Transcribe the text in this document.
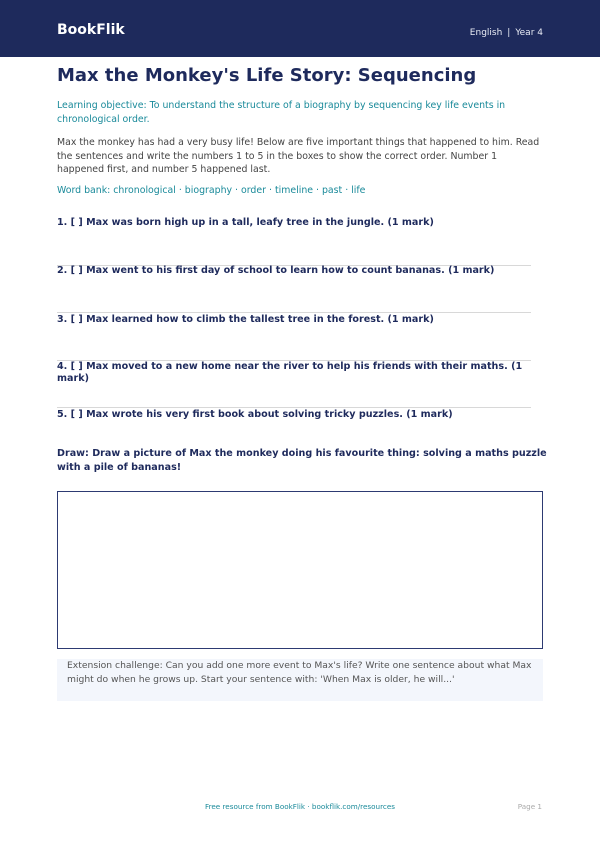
BookFlik	English | Year 4
Max the Monkey's Life Story: Sequencing
Learning objective: To understand the structure of a biography by sequencing key life events in chronological order.
Max the monkey has had a very busy life! Below are five important things that happened to him. Read the sentences and write the numbers 1 to 5 in the boxes to show the correct order. Number 1 happened first, and number 5 happened last.
Word bank: chronological · biography · order · timeline · past · life
1. [ ] Max was born high up in a tall, leafy tree in the jungle. (1 mark)
2. [ ] Max went to his first day of school to learn how to count bananas. (1 mark)
3. [ ] Max learned how to climb the tallest tree in the forest. (1 mark)
4. [ ] Max moved to a new home near the river to help his friends with their maths. (1 mark)
5. [ ] Max wrote his very first book about solving tricky puzzles. (1 mark)
Draw: Draw a picture of Max the monkey doing his favourite thing: solving a maths puzzle with a pile of bananas!
Extension challenge: Can you add one more event to Max's life? Write one sentence about what Max might do when he grows up. Start your sentence with: 'When Max is older, he will...'
Free resource from BookFlik · bookflik.com/resources	Page 1
